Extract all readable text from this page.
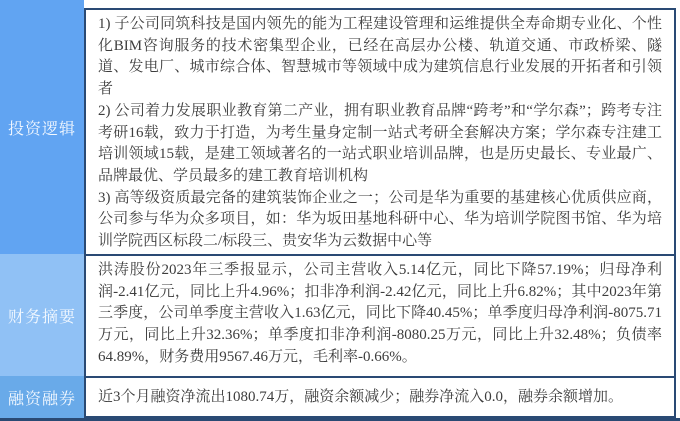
投资逻辑
财务摘要
融资融券

1) 子公司同筑科技是国内领先的能为工程建设管理和运维提供全寿命期专业化、个性化BIM咨询服务的技术密集型企业，已经在高层办公楼、轨道交通、市政桥梁、隧道、发电厂、城市综合体、智慧城市等领域中成为建筑信息行业发展的开拓者和引领者

2) 公司着力发展职业教育第二产业，拥有职业教育品牌“跨考”和“学尔森”；跨考专注考研16载，致力于打造，为考生量身定制一站式考研全套解决方案；学尔森专注建工培训领域15载，是建工领域著名的一站式职业培训品牌，也是历史最长、专业最广、品牌最优、学员最多的建工教育培训机构

3) 高等级资质最完备的建筑装饰企业之一；公司是华为重要的基建核心优质供应商，公司参与华为众多项目，如：华为坂田基地科研中心、华为培训学院图书馆、华为培训学院西区标段二/标段三、贵安华为云数据中心等

洪涛股份2023年三季报显示，公司主营收入5.14亿元，同比下降57.19%；归母净利润-2.41亿元，同比上升4.96%；扣非净利润-2.42亿元，同比上升6.82%；其中2023年第三季度，公司单季度主营收入1.63亿元，同比下降40.45%；单季度归母净利润-8075.71万元，同比上升32.36%；单季度扣非净利润-8080.25万元，同比上升32.48%；负债率64.89%，财务费用9567.46万元，毛利率-0.66%。

近3个月融资净流出1080.74万，融资余额减少；融券净流入0.0，融券余额增加。
